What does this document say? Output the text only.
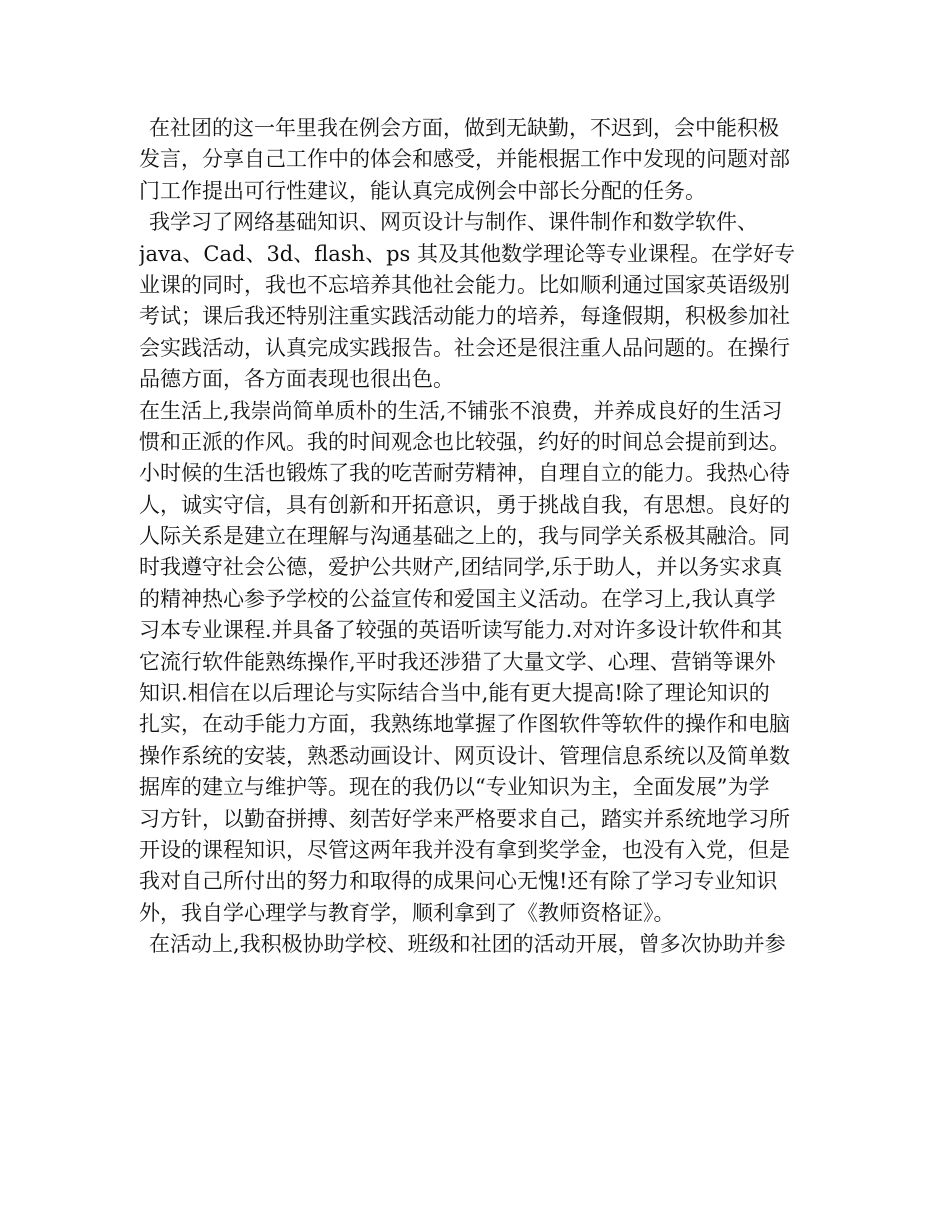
在社团的这一年里我在例会方面，做到无缺勤，不迟到，会中能积极
发言，分享自己工作中的体会和感受，并能根据工作中发现的问题对部
门工作提出可行性建议，能认真完成例会中部长分配的任务。
我学习了网络基础知识、网页设计与制作、课件制作和数学软件、
java、Cad、3d、flash、ps 其及其他数学理论等专业课程。在学好专
业课的同时，我也不忘培养其他社会能力。比如顺利通过国家英语级别
考试；课后我还特别注重实践活动能力的培养，每逢假期，积极参加社
会实践活动，认真完成实践报告。社会还是很注重人品问题的。在操行
品德方面，各方面表现也很出色。
在生活上,我崇尚简单质朴的生活,不铺张不浪费，并养成良好的生活习
惯和正派的作风。我的时间观念也比较强，约好的时间总会提前到达。
小时候的生活也锻炼了我的吃苦耐劳精神，自理自立的能力。我热心待
人，诚实守信，具有创新和开拓意识，勇于挑战自我，有思想。良好的
人际关系是建立在理解与沟通基础之上的，我与同学关系极其融洽。同
时我遵守社会公德，爱护公共财产,团结同学,乐于助人，并以务实求真
的精神热心参予学校的公益宣传和爱国主义活动。在学习上,我认真学
习本专业课程.并具备了较强的英语听读写能力.对对许多设计软件和其
它流行软件能熟练操作,平时我还涉猎了大量文学、心理、营销等课外
知识.相信在以后理论与实际结合当中,能有更大提高!除了理论知识的
扎实，在动手能力方面，我熟练地掌握了作图软件等软件的操作和电脑
操作系统的安装，熟悉动画设计、网页设计、管理信息系统以及简单数
据库的建立与维护等。现在的我仍以“专业知识为主，全面发展”为学
习方针，以勤奋拼搏、刻苦好学来严格要求自己，踏实并系统地学习所
开设的课程知识，尽管这两年我并没有拿到奖学金，也没有入党，但是
我对自己所付出的努力和取得的成果问心无愧!还有除了学习专业知识
外，我自学心理学与教育学，顺利拿到了《教师资格证》。
在活动上,我积极协助学校、班级和社团的活动开展，曾多次协助并参
